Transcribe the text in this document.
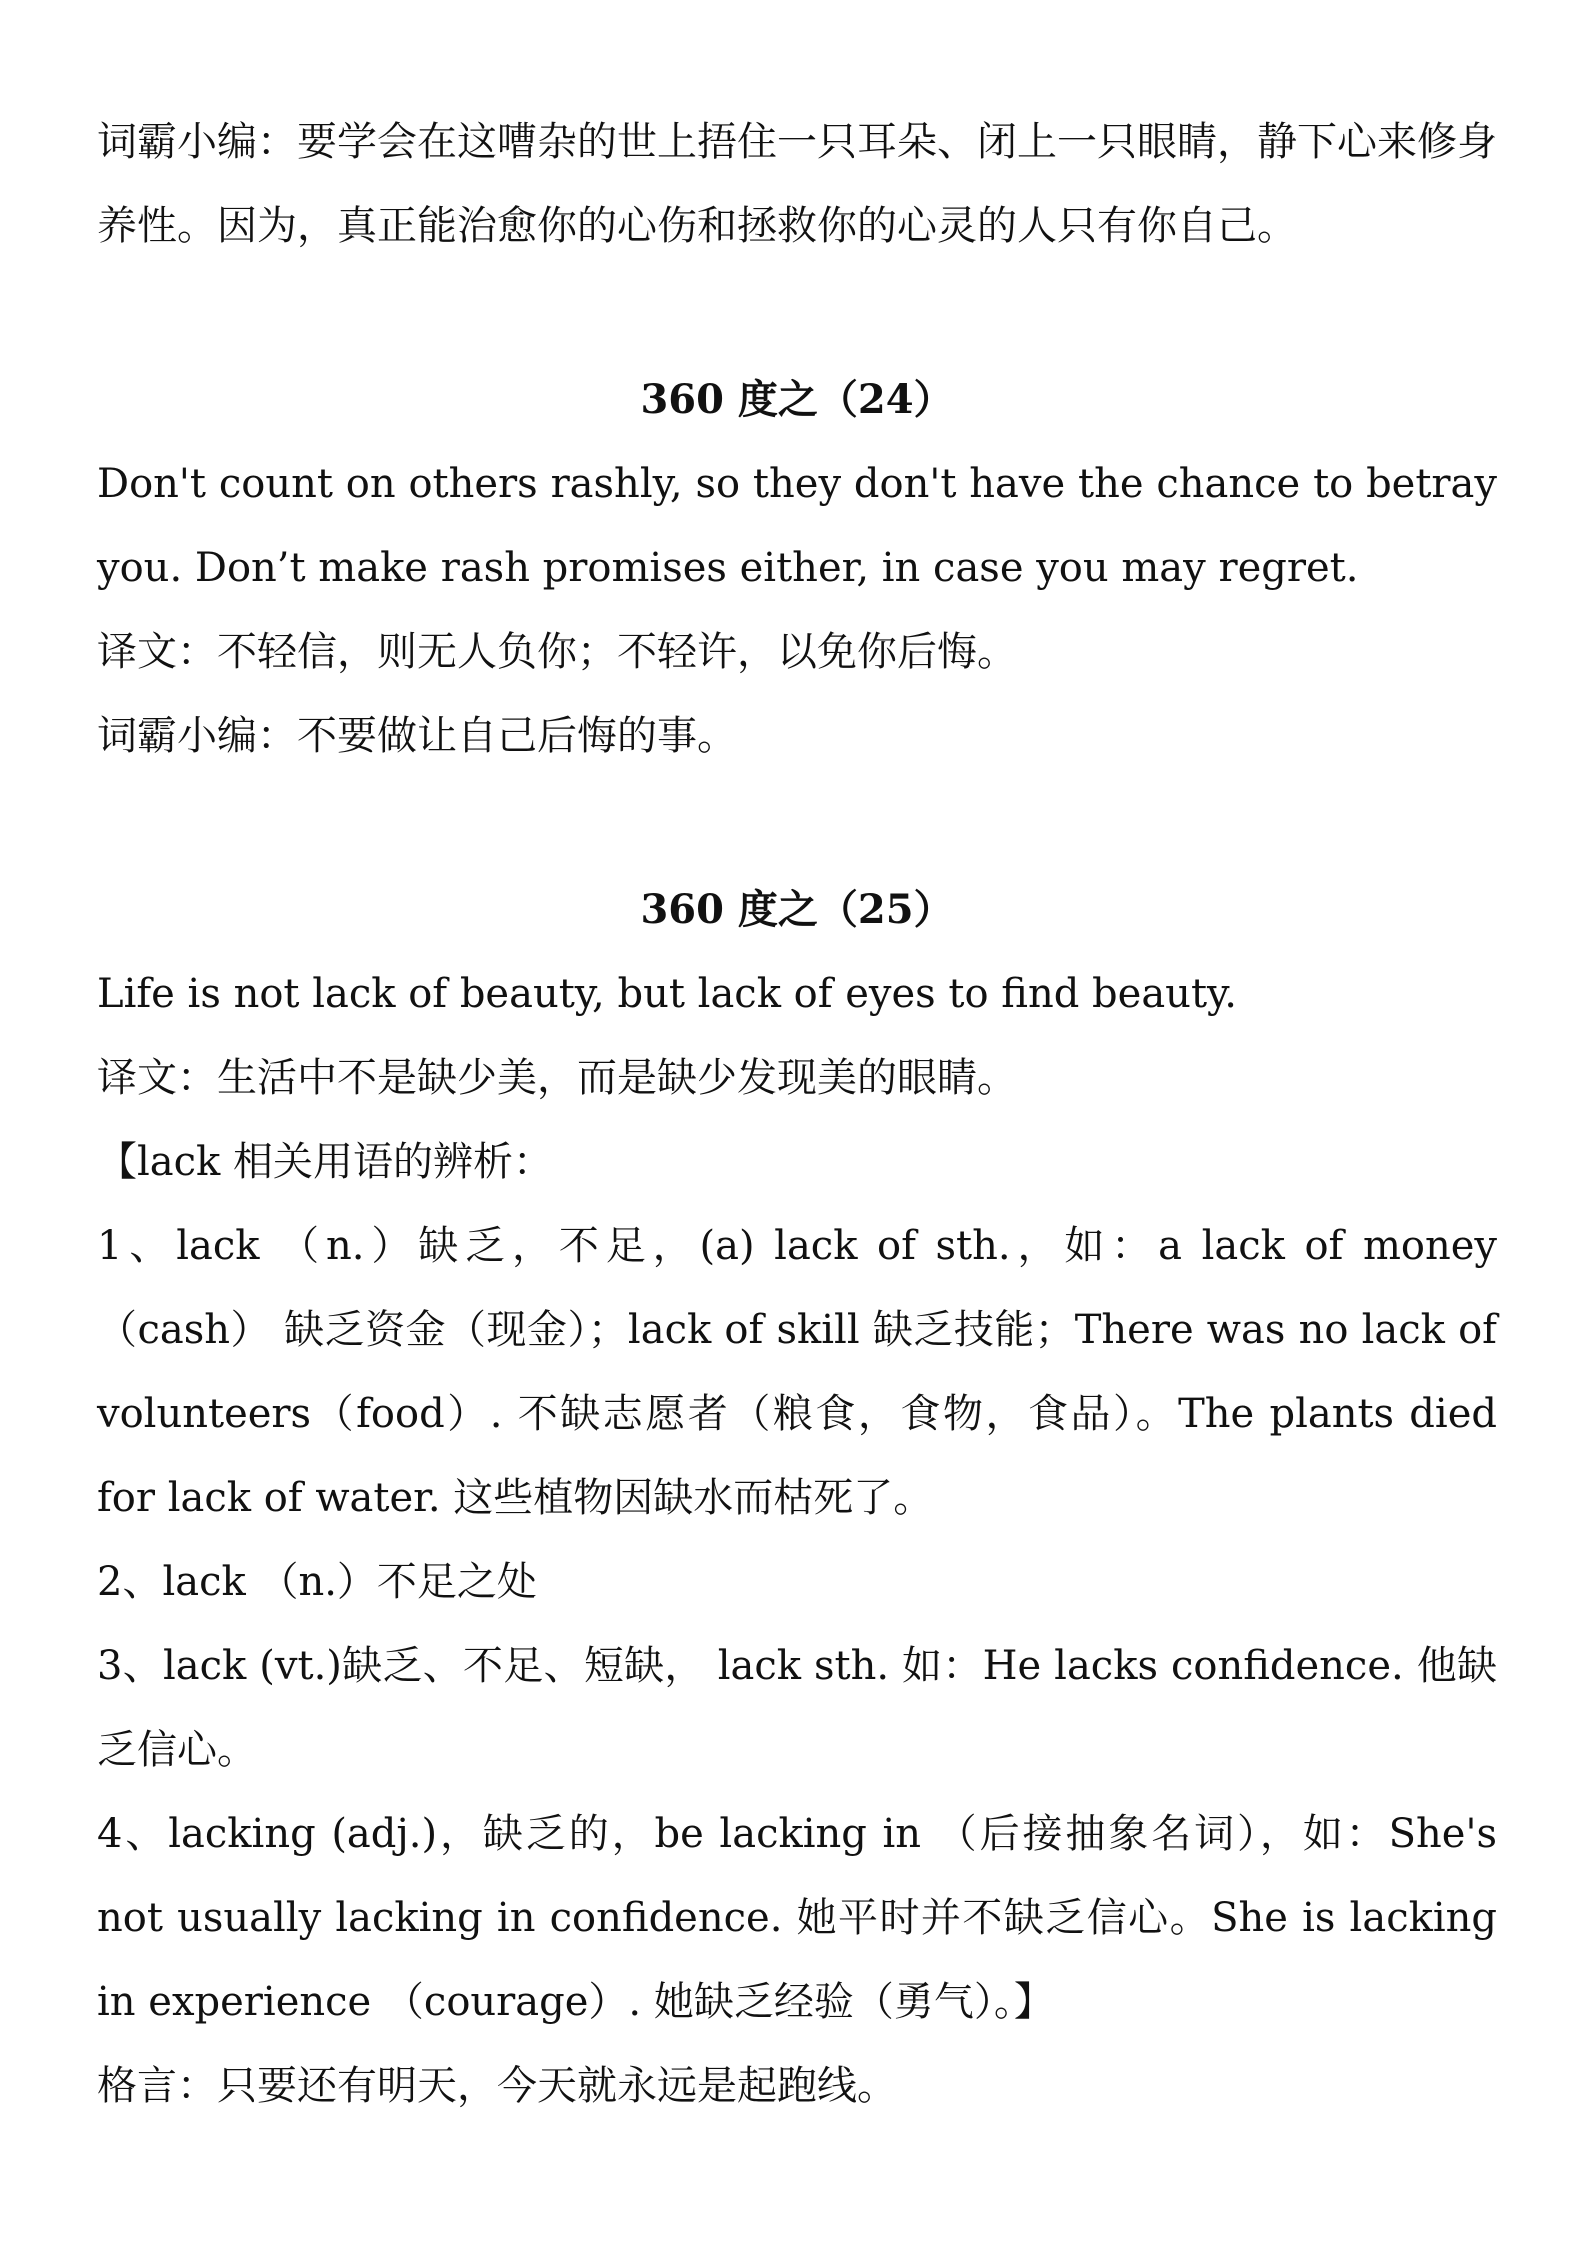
词霸小编：要学会在这嘈杂的世上捂住一只耳朵、闭上一只眼睛，静下心来修身养性。因为，真正能治愈你的心伤和拯救你的心灵的人只有你自己。

360 度之（24）

Don't count on others rashly, so they don't have the chance to betray you. Don’t make rash promises either, in case you may regret.

译文：不轻信，则无人负你；不轻许，以免你后悔。

词霸小编：不要做让自己后悔的事。

360 度之（25）

Life is not lack of beauty, but lack of eyes to find beauty.

译文：生活中不是缺少美，而是缺少发现美的眼睛。

【lack 相关用语的辨析：

1、lack （n.）缺乏，不足，(a) lack of sth.，如：a lack of money （cash） 缺乏资金（现金）；lack of skill 缺乏技能；There was no lack of volunteers（food）. 不缺志愿者（粮食，食物，食品）。The plants died for lack of water. 这些植物因缺水而枯死了。

2、lack （n.）不足之处

3、lack (vt.)缺乏、不足、短缺， lack sth. 如：He lacks confidence. 他缺乏信心。

4、lacking (adj.)，缺乏的，be lacking in （后接抽象名词），如：She's not usually lacking in confidence. 她平时并不缺乏信心。She is lacking in experience （courage）. 她缺乏经验（勇气）。】

格言：只要还有明天，今天就永远是起跑线。
